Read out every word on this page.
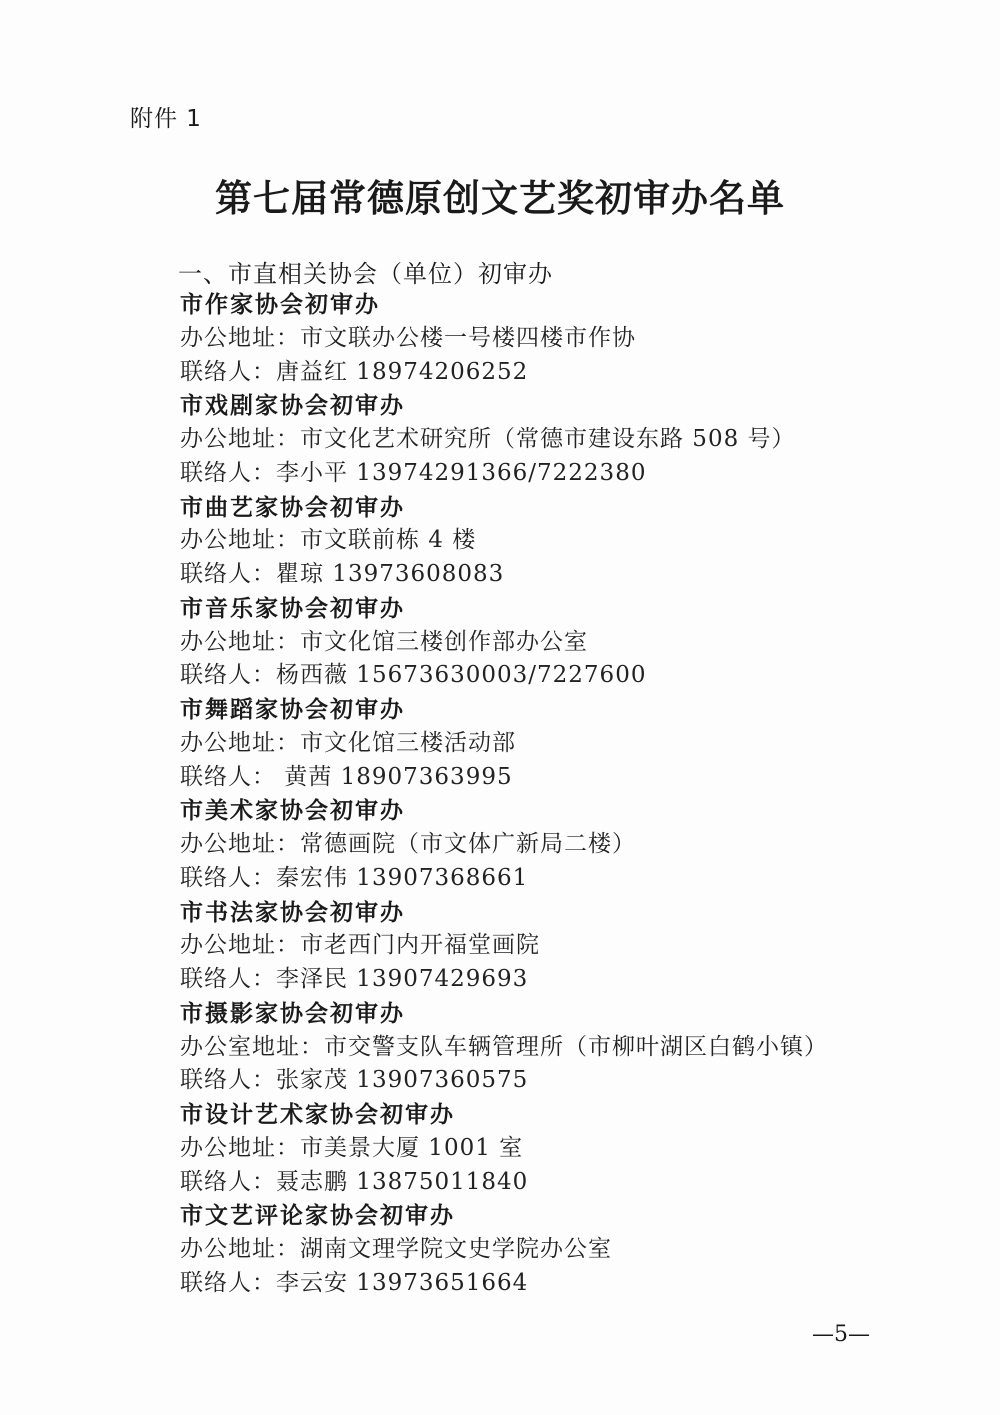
附件 1
第七届常德原创文艺奖初审办名单
一、市直相关协会（单位）初审办
市作家协会初审办
办公地址：市文联办公楼一号楼四楼市作协
联络人：唐益红 18974206252
市戏剧家协会初审办
办公地址：市文化艺术研究所（常德市建设东路 508 号）
联络人：李小平 13974291366/7222380
市曲艺家协会初审办
办公地址：市文联前栋 4 楼
联络人：瞿琼 13973608083
市音乐家协会初审办
办公地址：市文化馆三楼创作部办公室
联络人：杨西薇 15673630003/7227600
市舞蹈家协会初审办
办公地址：市文化馆三楼活动部
联络人： 黄茜 18907363995
市美术家协会初审办
办公地址：常德画院（市文体广新局二楼）
联络人：秦宏伟 13907368661
市书法家协会初审办
办公地址：市老西门内开福堂画院
联络人：李泽民 13907429693
市摄影家协会初审办
办公室地址：市交警支队车辆管理所（市柳叶湖区白鹤小镇）
联络人：张家茂 13907360575
市设计艺术家协会初审办
办公地址：市美景大厦 1001 室
联络人：聂志鹏 13875011840
市文艺评论家协会初审办
办公地址：湖南文理学院文史学院办公室
联络人：李云安 13973651664
—5—
